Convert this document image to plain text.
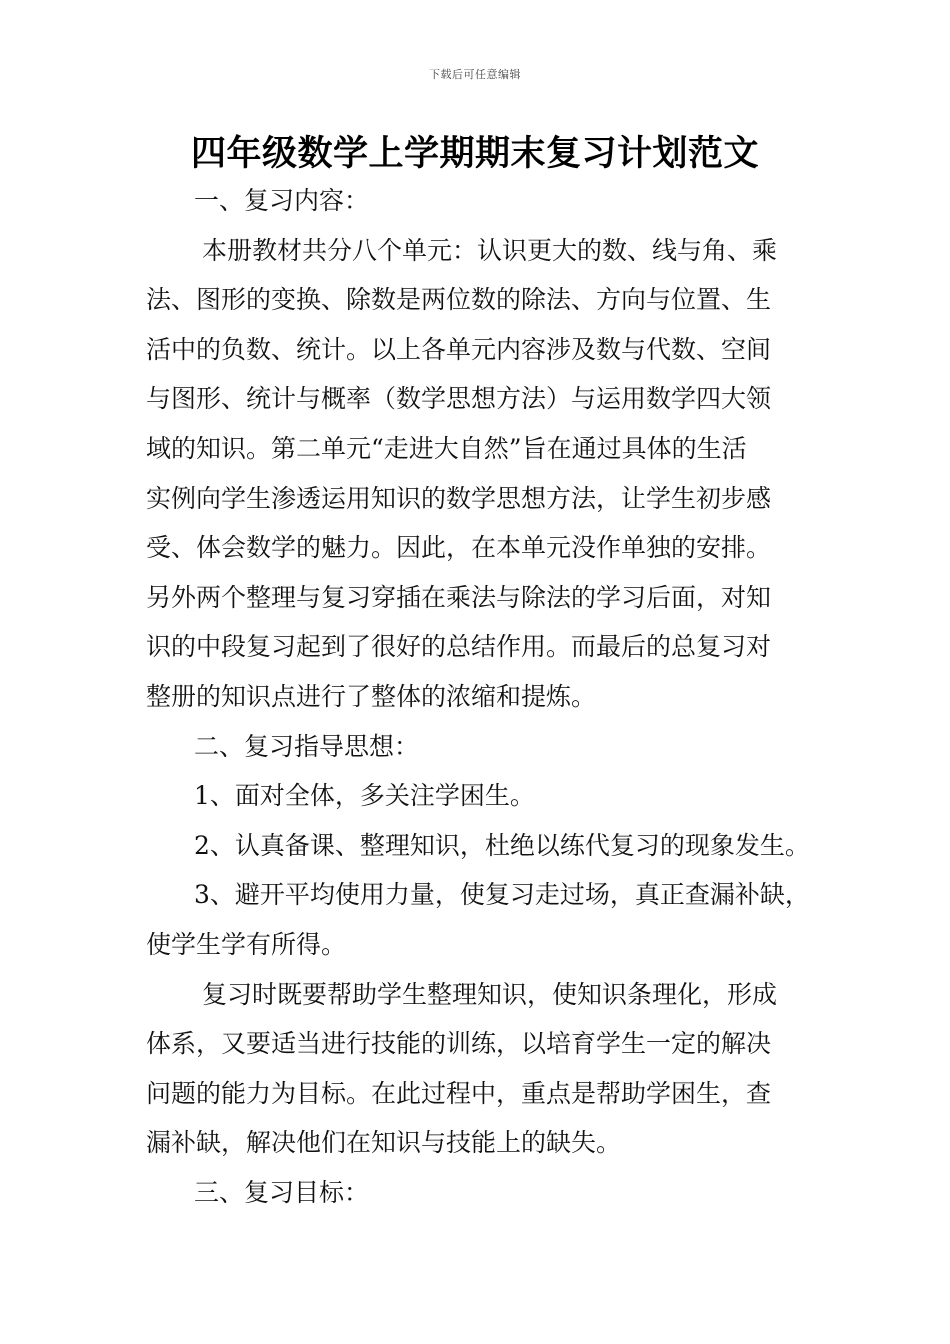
下载后可任意编辑
四年级数学上学期期末复习计划范文
一、复习内容：
本册教材共分八个单元：认识更大的数、线与角、乘
法、图形的变换、除数是两位数的除法、方向与位置、生
活中的负数、统计。以上各单元内容涉及数与代数、空间
与图形、统计与概率（数学思想方法）与运用数学四大领
域的知识。第二单元“走进大自然”旨在通过具体的生活
实例向学生渗透运用知识的数学思想方法，让学生初步感
受、体会数学的魅力。因此，在本单元没作单独的安排。
另外两个整理与复习穿插在乘法与除法的学习后面，对知
识的中段复习起到了很好的总结作用。而最后的总复习对
整册的知识点进行了整体的浓缩和提炼。
二、复习指导思想：
1、面对全体，多关注学困生。
2、认真备课、整理知识，杜绝以练代复习的现象发生。
3、避开平均使用力量，使复习走过场，真正查漏补缺，
使学生学有所得。
复习时既要帮助学生整理知识，使知识条理化，形成
体系，又要适当进行技能的训练，以培育学生一定的解决
问题的能力为目标。在此过程中，重点是帮助学困生，查
漏补缺，解决他们在知识与技能上的缺失。
三、复习目标：
